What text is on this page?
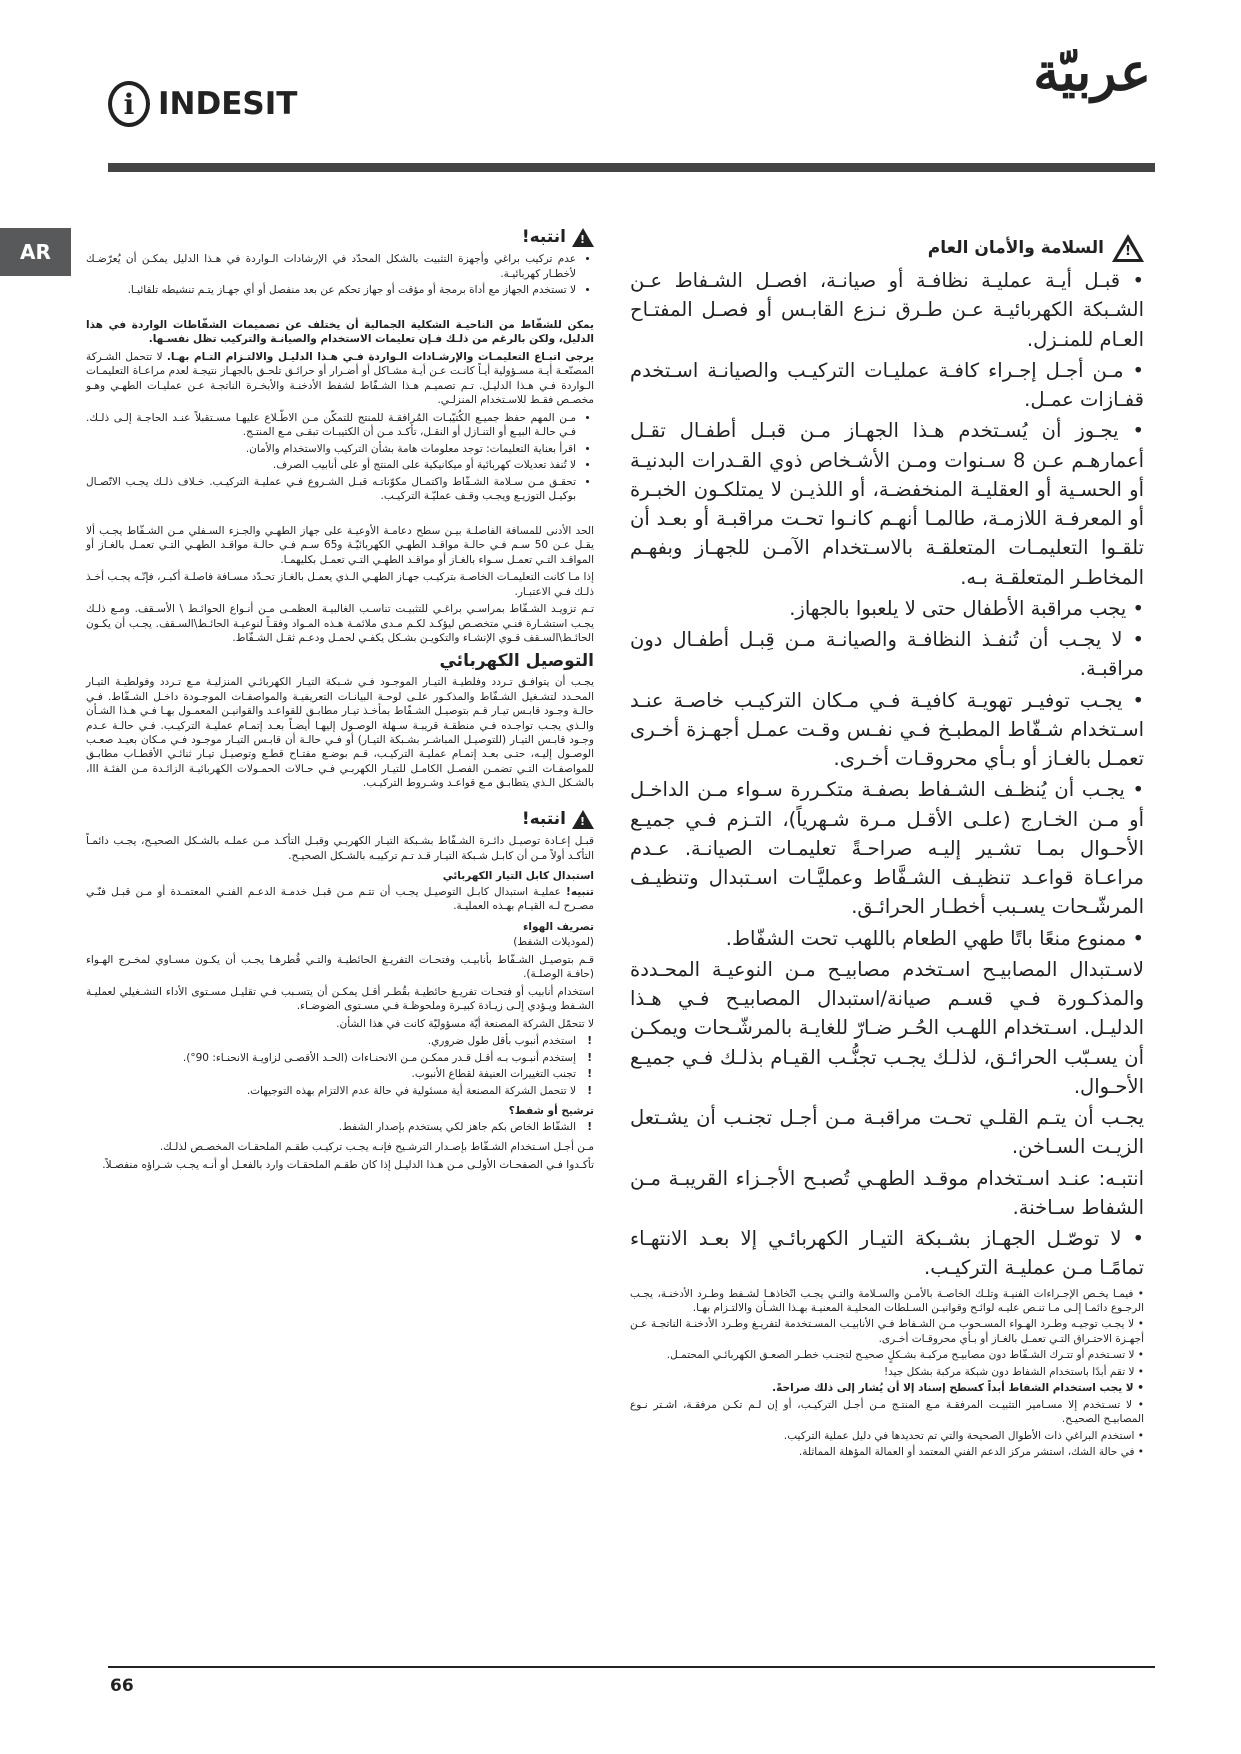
i INDESIT
عربيّة
AR
!
انتبه!
• عدم تركيب براغي وأجهزة التثبيت بالشكل المحدّد في الإرشادات الـواردة في هـذا الدليل يمكـن أن يُعرّضـك لأخطـار كهربائيـة.
• لا تستخدم الجهاز مع أداة برمجة أو مؤقت أو جهاز تحكم عن بعد منفصل أو أي جهـاز يتـم تنشيطه تلقائيـا.

يمكن للشفّاط من الناحيـة الشكلية الجمالية أن يختلف عن تصميمات الشفّاطات الواردة في هذا الدليل، ولكن بالرغم من ذلـك فـإن تعليمات الاستخدام والصيانـة والتركيب تظل نفسـها.

يرجى اتبـاع التعليمـات والإرشـادات الـواردة فـي هـذا الدليـل والالتـزام التـام بهـا. لا تتحمل الشـركة المصنّعـة أيـة مسـؤولية أيـاً كانـت عـن أيـة مشـاكل أو أضـرار أو حرائـق تلحـق بالجهـاز نتيجـة لعدم مراعـاة التعليمـات الـواردة فـي هـذا الدليـل. تـم تصميـم هـذا الشـفّاط لشفط الأدخنـة والأبخـرة الناتجـة عـن عمليـات الطهـي وهـو مخصـص فقـط للاسـتخدام المنزلـي.

• مـن المهم حفظ جميـع الكُتيّبـات المُرافقـة للمنتج للتمكّن مـن الاطّـلاع عليهـا مسـتقبلاً عنـد الحاجـة إلـى ذلـك. فـي حالـة البيـع أو التنـازل أو النقـل، تأكـد مـن أن الكتيبـات تبقـى مـع المنتـج.
• اقرأ بعناية التعليمات: توجد معلومات هامة بشأن التركيب والاستخدام والأمان.
• لا تُنفذ تعديلات كهربائية أو ميكانيكية على المنتج أو على أنابيب الصرف.
• تحقـق مـن سـلامة الشـفّاط واكتمـال مكوّناتـه قبـل الشـروع فـي عمليـة التركيـب. خـلاف ذلـك يجـب الاتّصـال بوكيـل التوزيـع ويجـب وقـف عمليّـة التركيـب.

الحد الأدنى للمسافة الفاصلـة بيـن سطح دعامـة الأوعيـة على جهاز الطهـي والجـزء السـفلي مـن الشـفّاط يجـب ألا يقـل عـن 50 سـم فـي حالـة مواقـد الطهـي الكهربائيّـة و65 سـم فـي حالـة مواقـد الطهـي التـي تعمـل بالغـاز أو المواقـد التـي تعمـل سـواء بالغـاز أو مواقـد الطهـي التـي تعمـل بكليهمـا.

إذا مـا كانت التعليمـات الخاصـة بتركيـب جهـاز الطهـي الـذي يعمـل بالغـاز تحـدّد مسـافة فاصلـة أكبـر، فإنّـه يجـب أخـذ ذلـك فـي الاعتبـار.

تـم تزويـد الشـفّاط بمراسـي براغـي للتثبيـت تناسـب الغالبيـة العظمـى مـن أنـواع الحوائـط \ الأسـقف. ومـع ذلـك يجـب استشـارة فنـي متخصـص ليؤكـد لكـم مـدى ملائمـة هـذه المـواد وفقـاً لنوعيـة الحائـط\السـقف. يجـب أن يكـون الحائـط\السـقف قـوي الإنشـاء والتكويـن بشـكل يكفـي لحمـل ودعـم ثقـل الشـفّاط.

التوصيل الكهربائي

يجـب أن يتوافـق تـردد وفلطيـة التيـار الموجـود فـي شـبكة التيـار الكهربائـي المنزليـة مـع تـردد وفولطيـة التيـار المحـدد لتشـغيل الشـفّاط والمذكـور علـى لوحـة البيانـات التعريفيـة والمواصفـات الموجـودة داخـل الشـفّاط. فـي حالـة وجـود قابـس تيـار قـم بتوصيـل الشـفّاط بمأخـذ تيـار مطابـق للقواعـد والقوانيـن المعمـول بهـا فـي هـذا الشـأن والـذي يجـب تواجـده فـي منطقـة قريبـة سـهلة الوصـول إليهـا أيضـاً بعـد إتمـام عمليـة التركيـب. فـي حالـة عـدم وجـود قابـس التيـار (للتوصيـل المباشـر بشـبكة التيـار) أو فـي حالـة أن قابـس التيـار موجـود فـي مـكان بعيـد صعـب الوصـول إليـه، حتـى بعـد إتمـام عمليـة التركيـب، قـم بوضـع مفتـاح قطـع وتوصيـل تيـار ثنائـي الأقطـاب مطابـق للمواصفـات التـي تضمـن الفصـل الكامـل للتيـار الكهربـي فـي حـالات الحمـولات الكهربائيـة الزائـدة مـن الفئـة III، بالشـكل الـذي يتطابـق مـع قواعـد وشـروط التركيـب.

!
انتبه!

قبـل إعـادة توصيـل دائـرة الشـفّاط بشـبكة التيـار الكهربـي وقبـل التأكـد مـن عملـه بالشـكل الصحيـح، يجـب دائمـاً التأكـد أولاً مـن أن كابـل شـبكة التيـار قـد تـم تركيبـه بالشـكل الصحيـح.

استبدال كابل التيار الكهربائي

تنبيه! عمليـة استبدال كابـل التوصيـل يجـب أن تتـم مـن قبـل خدمـة الدعـم الفنـي المعتمـدة أو مـن قبـل فنّـي مصـرح لـه القيـام بهـذه العمليـة.

تصريف الهواء

(لموديلات الشفط)

قـم بتوصيـل الشـفّاط بأنابيـب وفتحـات التفريـغ الحائطيـة والتـي قُطرهـا يجـب أن يكـون مسـاوي لمخـرج الهـواء (حافـة الوصلـة).

استخدام أنابيب أو فتحـات تفريـغ حائطيـة بقُطـر أقـل يمكـن أن يتسـبب فـي تقليـل مسـتوى الأداء التشـغيلي لعمليـة الشـفط ويـؤدي إلـى زيـادة كبيـرة وملحوظـة فـي مسـتوى الضوضـاء.

لا تتحمّل الشركة المصنعة أيّة مسؤوليّة كانت في هذا الشأن.

! استخدم أنبوب بأقل طول ضروري.
! إستخدم أنبـوب بـه أقـل قـدر ممكـن مـن الانحنـاءات (الحـد الأقصـى لزاويـة الانحنـاء: 90°).
! تجنب التغييرات العنيفة لقطاع الأنبوب.
! لا تتحمل الشركة المصنعة أية مسئولية في حالة عدم الالتزام بهذه التوجيهات.
ترشيح أو شفط؟
! الشفّاط الخاص بكم جاهز لكي يستخدم بإصدار الشفط.

مـن أجـل اسـتخدام الشـفّاط بإصـدار الترشـيح فإنـه يجـب تركيـب طقـم الملحقـات المخصـص لذلـك.

تأكـدوا فـي الصفحـات الأولـى مـن هـذا الدليـل إذا كان طقـم الملحقـات وارد بالفعـل أو أنـه يجـب شـراؤه منفصـلاً.

!
السلامة والأمان العام

• قبـل أيـة عمليـة نظافـة أو صيانـة، افصـل الشـفاط عـن الشـبكة الكهربائيـة عـن طـرق نـزع القابـس أو فصـل المفتـاح العـام للمنـزل.

• مـن أجـل إجـراء كافـة عمليـات التركيـب والصيانـة اسـتخدم قفـازات عمـل.

• يجـوز أن يُسـتخدم هـذا الجهـاز مـن قبـل أطفـال تقـل أعمارهـم عـن 8 سـنوات ومـن الأشـخاص ذوي القـدرات البدنيـة أو الحسـية أو العقليـة المنخفضـة، أو اللذيـن لا يمتلكـون الخبـرة أو المعرفـة اللازمـة، طالمـا أنهـم كانـوا تحـت مراقبـة أو بعـد أن تلقـوا التعليمـات المتعلقـة بالاسـتخدام الآمـن للجهـاز وبفهـم المخاطـر المتعلقـة بـه.

• يجب مراقبة الأطفال حتى لا يلعبوا بالجهاز.

• لا يجـب أن تُنفـذ النظافـة والصيانـة مـن قِبـل أطفـال دون مراقبـة.

• يجـب توفيـر تهويـة كافيـة فـي مـكان التركيـب خاصـة عنـد اسـتخدام شـفّاط المطبـخ فـي نفـس وقـت عمـل أجهـزة أخـرى تعمـل بالغـاز أو بـأي محروقـات أخـرى.

• يجـب أن يُنظـف الشـفاط بصفـة متكـررة سـواء مـن الداخـل أو مـن الخـارج (علـى الأقـل مـرة شـهرياً)، التـزم فـي جميـع الأحـوال بمـا تشـير إليـه صراحـةً تعليمـات الصيانـة. عـدم مراعـاة قواعـد تنظيـف الشـفَّاط وعمليَّـات اسـتبدال وتنظيـف المرشّـحات يسـبب أخطـار الحرائـق.

• ممنوع منعًا باتًا طهي الطعام باللهب تحت الشفّاط.

لاسـتبدال المصابيـح اسـتخدم مصابيـح مـن النوعيـة المحـددة والمذكـورة فـي قسـم صيانة/استبدال المصابيـح فـي هـذا الدليـل. اسـتخدام اللهـب الحُـر ضـارّ للغايـة بالمرشّـحات ويمكـن أن يسـبّب الحرائـق، لذلـك يجـب تجنُّـب القيـام بذلـك فـي جميـع الأحـوال.

يجـب أن يتـم القلـي تحـت مراقبـة مـن أجـل تجنـب أن يشـتعل الزيـت السـاخن.

انتبـه: عنـد اسـتخدام موقـد الطهـي تُصبـح الأجـزاء القريبـة مـن الشفاط سـاخنة.

• لا توصّـل الجهـاز بشـبكة التيـار الكهربائـي إلا بعـد الانتهـاء تمامًـا مـن عمليـة التركيـب.

• فيمـا يخـص الإجـراءات الفنيـة وتلـك الخاصـة بالأمـن والسـلامة والتـي يجـب اتّخاذهـا لشـفط وطـرد الأدخنـة، يجـب الرجـوع دائمـا إلـى مـا تنـص عليـه لوائـح وقوانيـن السـلطات المحليـة المعنيـة بهـذا الشـأن والالتـزام بهـا.

• لا يجـب توجيـه وطـرد الهـواء المسـحوب مـن الشـفاط فـي الأنابيـب المسـتخدمة لتفريـغ وطـرد الأدخنـة الناتجـة عـن أجهـزة الاحتـراق التـي تعمـل بالغـاز أو بـأي محروقـات أخـرى.

• لا تسـتخدم أو تتـرك الشـفّاط دون مصابيـح مركبـة بشـكلٍ صحيـح لتجنـب خطـر الصعـق الكهربائـي المحتمـل.

• لا تقم أبدًا باستخدام الشفاط دون شبكة مركبة بشكل جيد!

• لا يجب استخدام الشفاط أبداً كسطح إسناد إلا أن يُشار إلى ذلك صراحةً.

• لا تسـتخدم إلا مسـامير التثبيـت المرفقـة مـع المنتـج مـن أجـل التركيـب، أو إن لـم تكـن مرفقـة، اشـتر نـوع المصابيـح الصحيـح.

• استخدم البراغي ذات الأطوال الصحيحة والتي تم تحديدها في دليل عملية التركيب.

• في حالة الشك، استشر مركز الدعم الفني المعتمد أو العمالة المؤهلة المماثلة.

66
